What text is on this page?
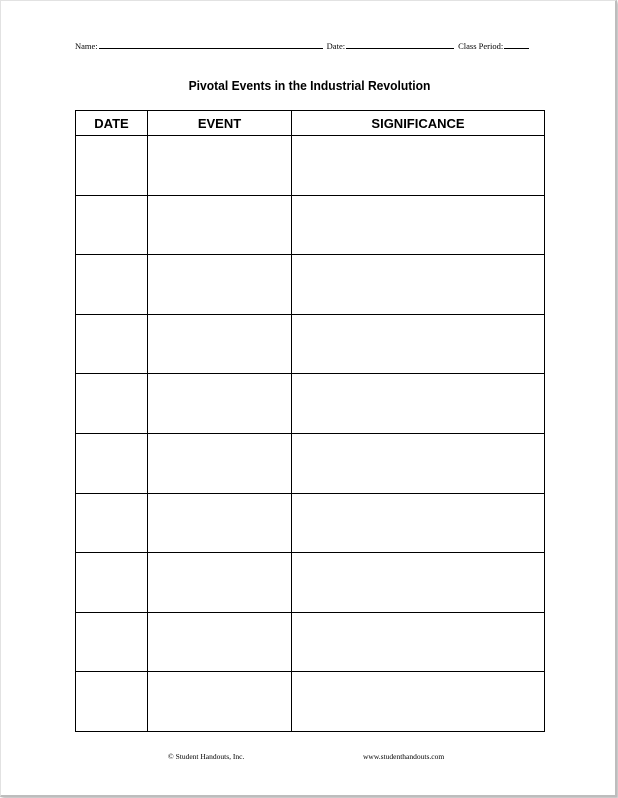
Name:	Date:	Class Period:
Pivotal Events in the Industrial Revolution
DATE	EVENT	SIGNIFICANCE

© Student Handouts, Inc.	www.studenthandouts.com
